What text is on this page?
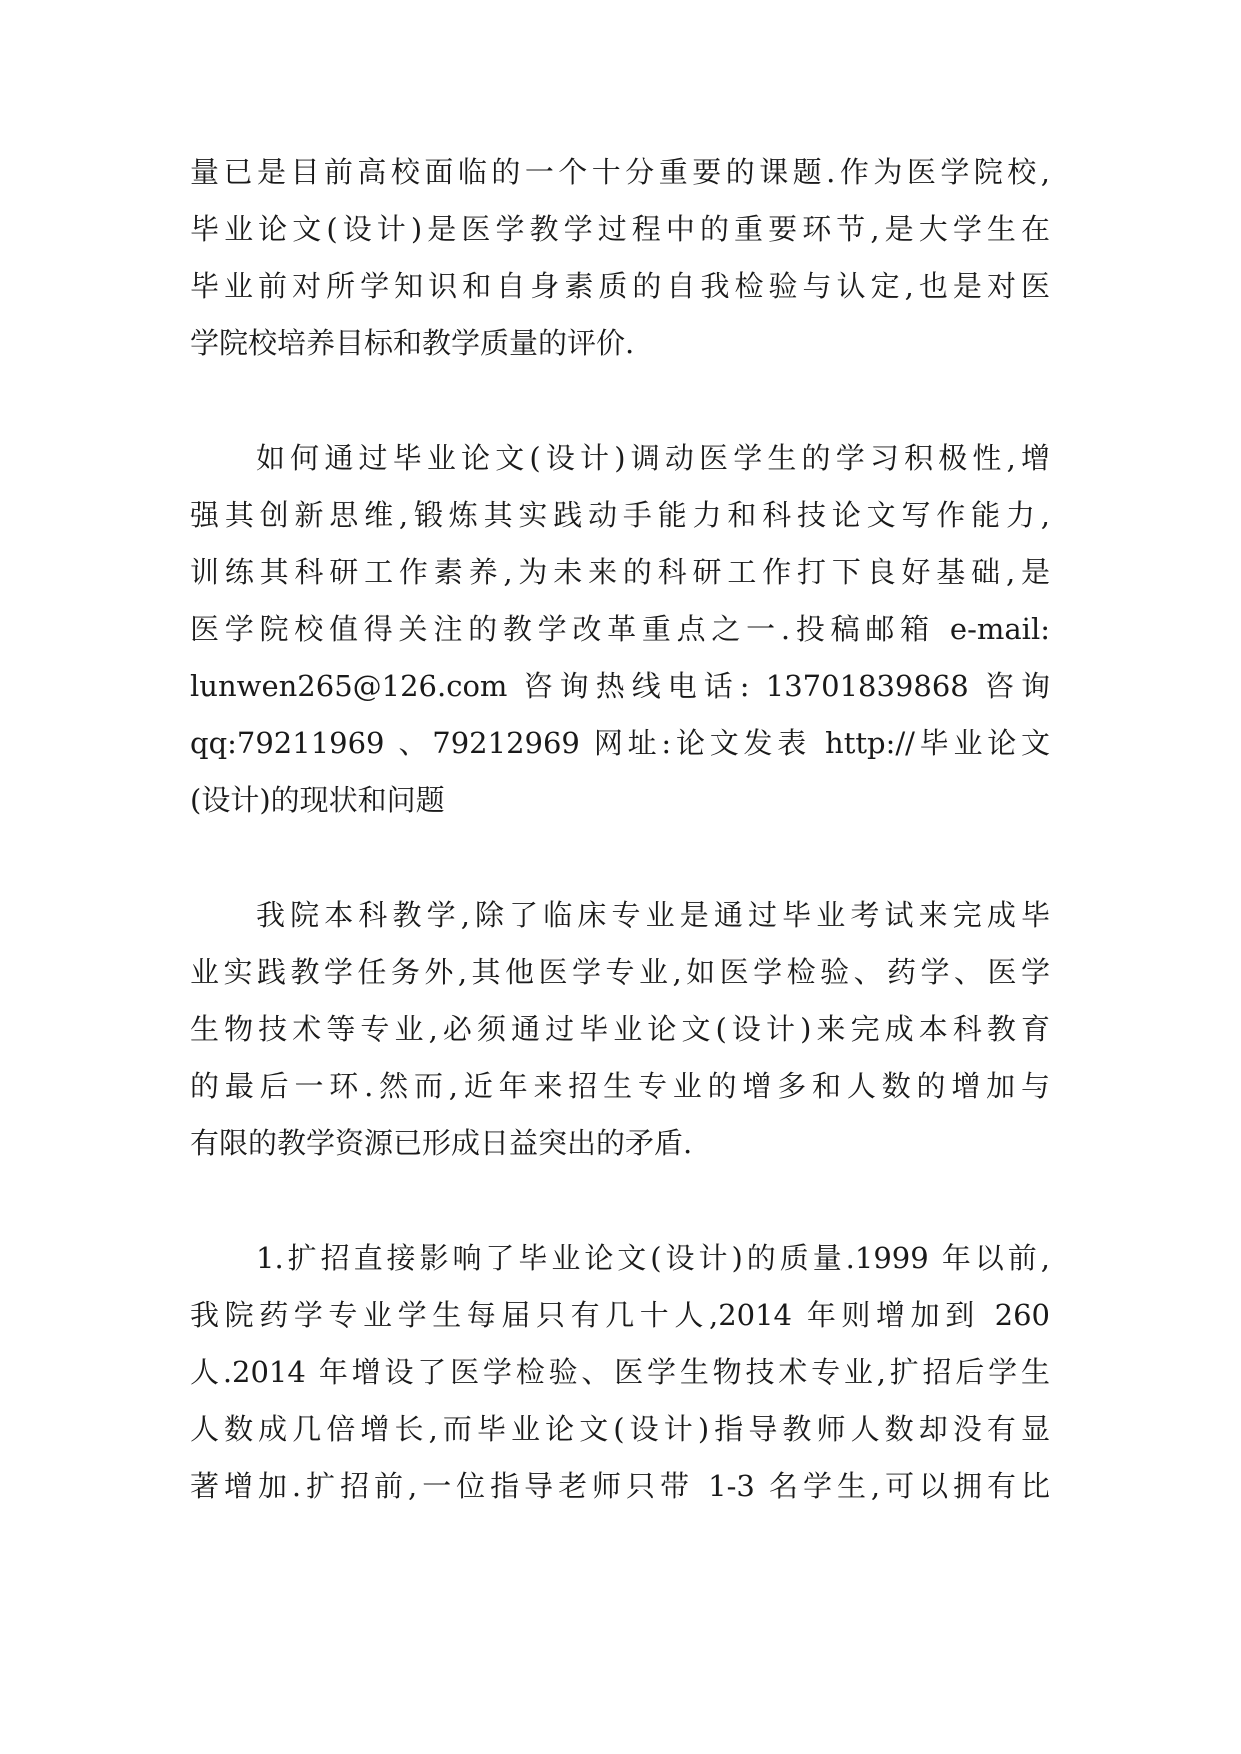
量已是目前高校面临的一个十分重要的课题.作为医学院校,
毕业论文(设计)是医学教学过程中的重要环节,是大学生在
毕业前对所学知识和自身素质的自我检验与认定,也是对医
学院校培养目标和教学质量的评价.
如何通过毕业论文(设计)调动医学生的学习积极性,增
强其创新思维,锻炼其实践动手能力和科技论文写作能力,
训练其科研工作素养,为未来的科研工作打下良好基础,是
医学院校值得关注的教学改革重点之一.投稿邮箱 e-mail:
lunwen265@126.com 咨询热线电话: 13701839868 咨询
qq:79211969 、79212969 网址:论文发表 http://毕业论文
(设计)的现状和问题
我院本科教学,除了临床专业是通过毕业考试来完成毕
业实践教学任务外,其他医学专业,如医学检验、药学、医学
生物技术等专业,必须通过毕业论文(设计)来完成本科教育
的最后一环.然而,近年来招生专业的增多和人数的增加与
有限的教学资源已形成日益突出的矛盾.
1.扩招直接影响了毕业论文(设计)的质量.1999 年以前,
我院药学专业学生每届只有几十人,2014 年则增加到 260
人.2014 年增设了医学检验、医学生物技术专业,扩招后学生
人数成几倍增长,而毕业论文(设计)指导教师人数却没有显
著增加.扩招前,一位指导老师只带 1-3 名学生,可以拥有比
